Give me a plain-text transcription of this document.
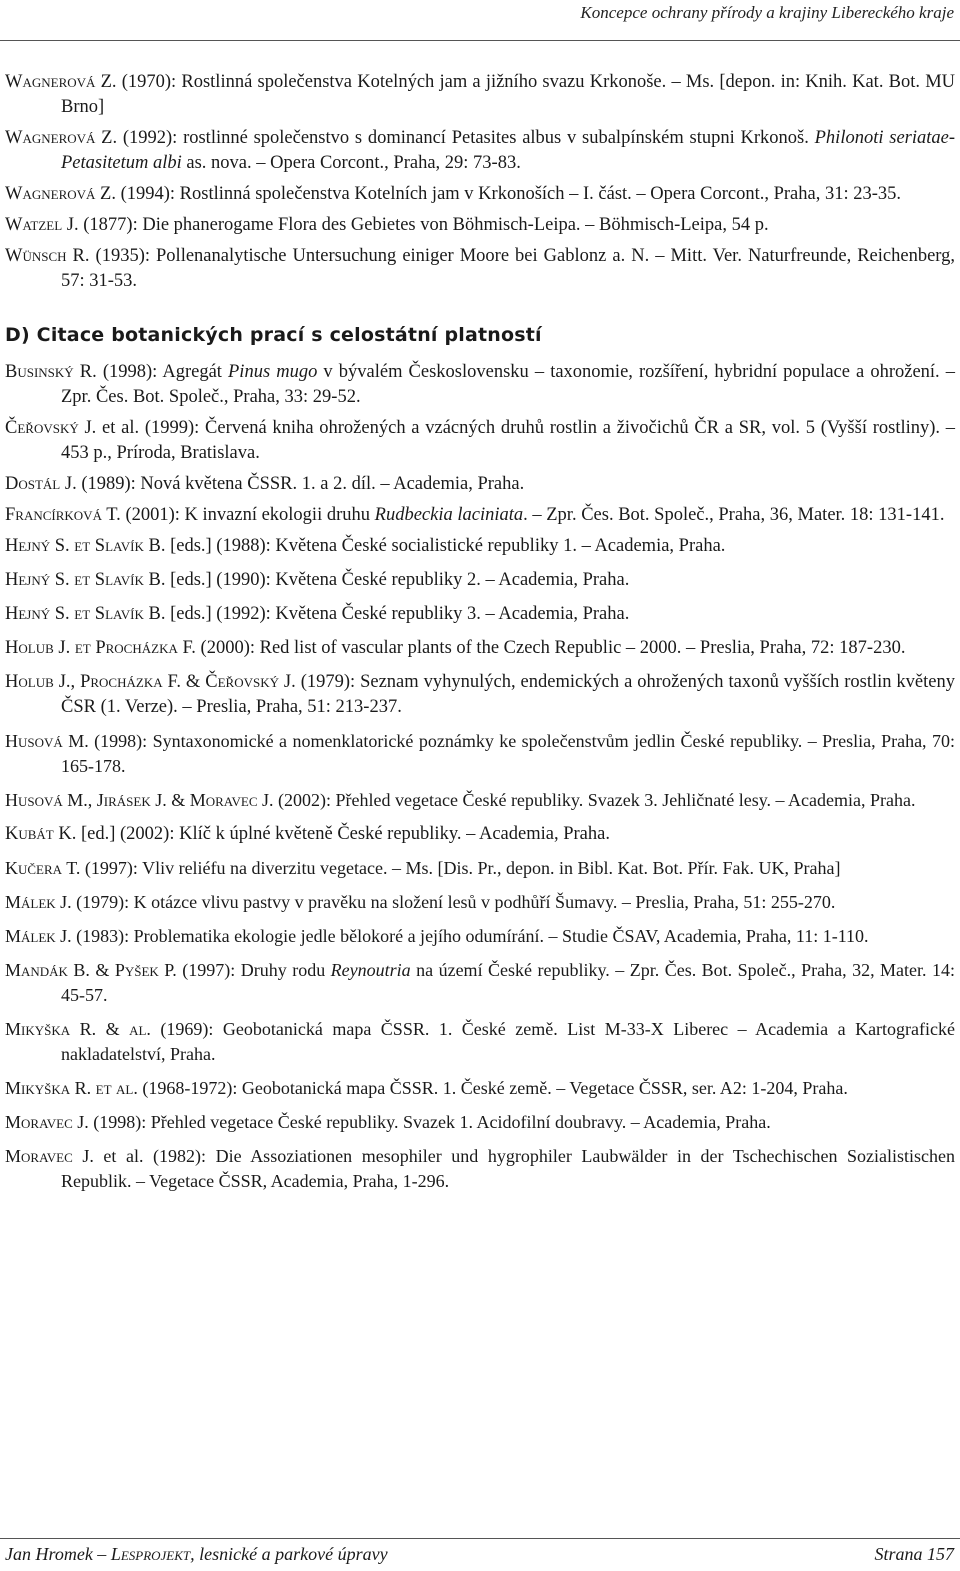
Koncepce ochrany přírody a krajiny Libereckého kraje
Wagnerová Z. (1970): Rostlinná společenstva Kotelných jam a jižního svazu Krkonoše. – Ms. [depon. in: Knih. Kat. Bot. MU Brno]
Wagnerová Z. (1992): rostlinné společenstvo s dominancí Petasites albus v subalpínském stupni Krkonoš. Philonoti seriatae-Petasitetum albi as. nova. – Opera Corcont., Praha, 29: 73-83.
Wagnerová Z. (1994): Rostlinná společenstva Kotelních jam v Krkonoších – I. část. – Opera Corcont., Praha, 31: 23-35.
Watzel J. (1877): Die phanerogame Flora des Gebietes von Böhmisch-Leipa. – Böhmisch-Leipa, 54 p.
Wünsch R. (1935): Pollenanalytische Untersuchung einiger Moore bei Gablonz a. N. – Mitt. Ver. Naturfreunde, Reichenberg, 57: 31-53.
D) Citace botanických prací s celostátní platností
Businský R. (1998): Agregát Pinus mugo v bývalém Československu – taxonomie, rozšíření, hybridní populace a ohrožení. – Zpr. Čes. Bot. Společ., Praha, 33: 29-52.
Čeřovský J. et al. (1999): Červená kniha ohrožených a vzácných druhů rostlin a živočichů ČR a SR, vol. 5 (Vyšší rostliny). – 453 p., Príroda, Bratislava.
Dostál J. (1989): Nová květena ČSSR. 1. a 2. díl. – Academia, Praha.
Francírková T. (2001): K invazní ekologii druhu Rudbeckia laciniata. – Zpr. Čes. Bot. Společ., Praha, 36, Mater. 18: 131-141.
Hejný S. et Slavík B. [eds.] (1988): Květena České socialistické republiky 1. – Academia, Praha.
Hejný S. et Slavík B. [eds.] (1990): Květena České republiky 2. – Academia, Praha.
Hejný S. et Slavík B. [eds.] (1992): Květena České republiky 3. – Academia, Praha.
Holub J. et Procházka F. (2000): Red list of vascular plants of the Czech Republic – 2000. – Preslia, Praha, 72: 187-230.
Holub J., Procházka F. & Čeřovský J. (1979): Seznam vyhynulých, endemických a ohrožených taxonů vyšších rostlin květeny ČSR (1. Verze). – Preslia, Praha, 51: 213-237.
Husová M. (1998): Syntaxonomické a nomenklatorické poznámky ke společenstvům jedlin České republiky. – Preslia, Praha, 70: 165-178.
Husová M., Jirásek J. & Moravec J. (2002): Přehled vegetace České republiky. Svazek 3. Jehličnaté lesy. – Academia, Praha.
Kubát K. [ed.] (2002): Klíč k úplné květeně České republiky. – Academia, Praha.
Kučera T. (1997): Vliv reliéfu na diverzitu vegetace. – Ms. [Dis. Pr., depon. in Bibl. Kat. Bot. Přír. Fak. UK, Praha]
Málek J. (1979): K otázce vlivu pastvy v pravěku na složení lesů v podhůří Šumavy. – Preslia, Praha, 51: 255-270.
Málek J. (1983): Problematika ekologie jedle bělokoré a jejího odumírání. – Studie ČSAV, Academia, Praha, 11: 1-110.
Mandák B. & Pyšek P. (1997): Druhy rodu Reynoutria na území České republiky. – Zpr. Čes. Bot. Společ., Praha, 32, Mater. 14: 45-57.
Mikyška R. & al. (1969): Geobotanická mapa ČSSR. 1. České země. List M-33-X Liberec – Academia a Kartografické nakladatelství, Praha.
Mikyška R. et al. (1968-1972): Geobotanická mapa ČSSR. 1. České země. – Vegetace ČSSR, ser. A2: 1-204, Praha.
Moravec J. (1998): Přehled vegetace České republiky. Svazek 1. Acidofilní doubravy. – Academia, Praha.
Moravec J. et al. (1982): Die Assoziationen mesophiler und hygrophiler Laubwälder in der Tschechischen Sozialistischen Republik. – Vegetace ČSSR, Academia, Praha, 1-296.
Jan Hromek – Lesprojekt, lesnické a parkové úpravy	Strana 157
